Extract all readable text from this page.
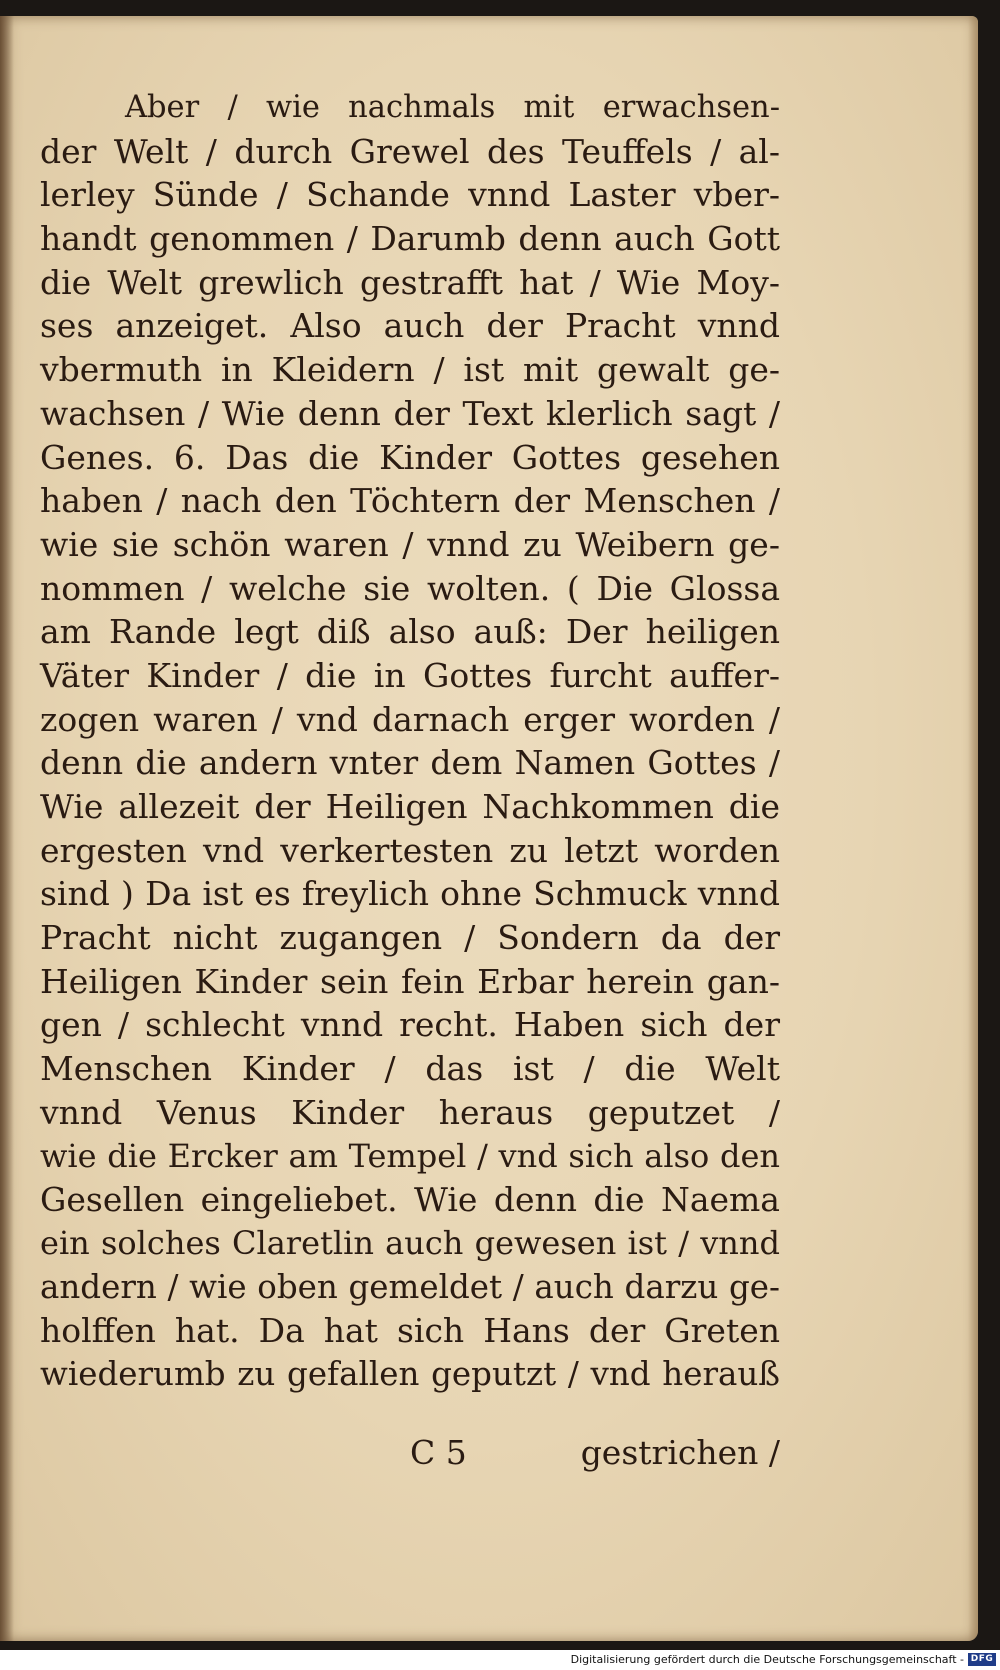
Aber / wie nachmals mit erwachsen-
der Welt / durch Grewel des Teuffels / al-
lerley Sünde / Schande vnnd Laster vber-
handt genommen / Darumb denn auch Gott
die Welt grewlich gestrafft hat / Wie Moy-
ses anzeiget. Also auch der Pracht vnnd
vbermuth in Kleidern / ist mit gewalt ge-
wachsen / Wie denn der Text klerlich sagt /
Genes. 6. Das die Kinder Gottes gesehen
haben / nach den Töchtern der Menschen /
wie sie schön waren / vnnd zu Weibern ge-
nommen / welche sie wolten. ( Die Glossa
am Rande legt diß also auß: Der heiligen
Väter Kinder / die in Gottes furcht auffer-
zogen waren / vnd darnach erger worden /
denn die andern vnter dem Namen Gottes /
Wie allezeit der Heiligen Nachkommen die
ergesten vnd verkertesten zu letzt worden
sind ) Da ist es freylich ohne Schmuck vnnd
Pracht nicht zugangen / Sondern da der
Heiligen Kinder sein fein Erbar herein gan-
gen / schlecht vnnd recht. Haben sich der
Menschen Kinder / das ist / die Welt
vnnd Venus Kinder heraus geputzet /
wie die Ercker am Tempel / vnd sich also den
Gesellen eingeliebet. Wie denn die Naema
ein solches Claretlin auch gewesen ist / vnnd
andern / wie oben gemeldet / auch darzu ge-
holffen hat. Da hat sich Hans der Greten
wiederumb zu gefallen geputzt / vnd herauß
C 5	gestrichen /
Digitalisierung gefördert durch die Deutsche Forschungsgemeinschaft - DFG
